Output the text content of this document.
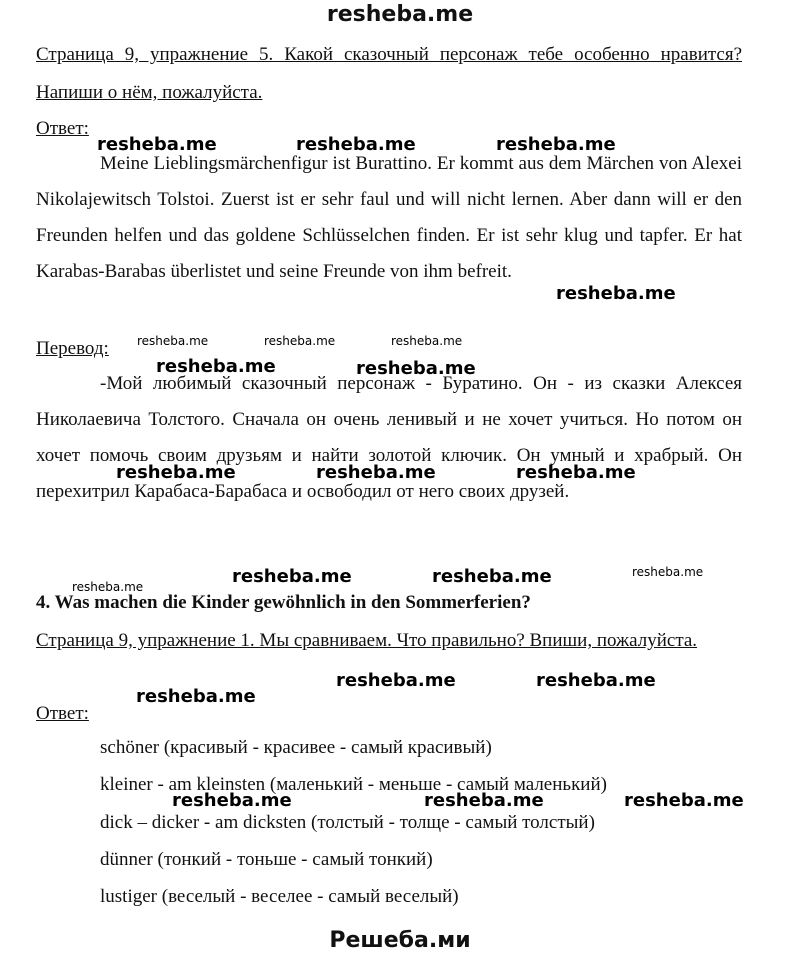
resheba.me
Страница 9, упражнение 5. Какой сказочный персонаж тебе особенно нравится? Напиши о нём, пожалуйста.
Ответ:

Meine Lieblingsmärchenfigur ist Burattino. Er kommt aus dem Märchen von Alexei Nikolajewitsch Tolstoi. Zuerst ist er sehr faul und will nicht lernen. Aber dann will er den Freunden helfen und das goldene Schlüsselchen finden. Er ist sehr klug und tapfer. Er hat Karabas-Barabas überlistet und seine Freunde von ihm befreit.

Перевод:

-Мой любимый сказочный персонаж - Буратино. Он - из сказки Алексея Николаевича Толстого. Сначала он очень ленивый и не хочет учиться. Но потом он хочет помочь своим друзьям и найти золотой ключик. Он умный и храбрый. Он перехитрил Карабаса-Барабаса и освободил от него своих друзей.

4. Was machen die Kinder gewöhnlich in den Sommerferien?
Страница 9, упражнение 1. Мы сравниваем. Что правильно? Впиши, пожалуйста.
Ответ:
schöner (красивый - красивее - самый красивый)
kleiner - am kleinsten (маленький - меньше - самый маленький)
dick – dicker - am dicksten (толстый - толще - самый толстый)
dünner (тонкий - тоньше - самый тонкий)
lustiger (веселый - веселее - самый веселый)
resheba.me	resheba.me	resheba.me
resheba.me
resheba.me	resheba.me	resheba.me
resheba.me	resheba.me
resheba.me	resheba.me	resheba.me
resheba.me	resheba.me	resheba.me	resheba.me
resheba.me
resheba.me	resheba.me
resheba.me	resheba.me	resheba.me
Решеба.ми
